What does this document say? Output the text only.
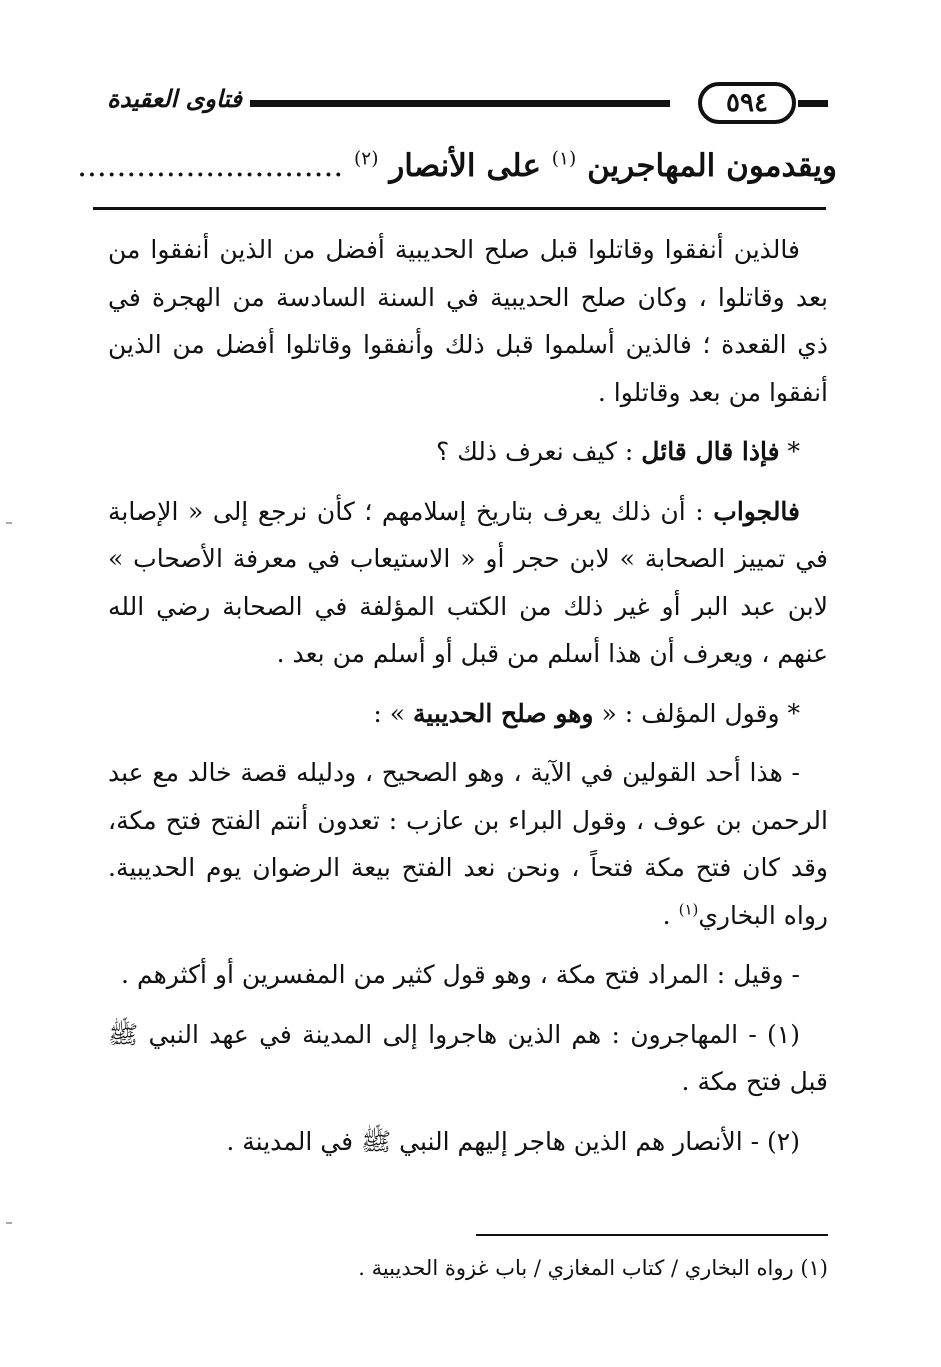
٥٩٤
فتاوى العقيدة
ويقدمون المهاجرين $^{(١)}$ على الأنصار $^{(٢)}$ ...........................

فالذين أنفقوا وقاتلوا قبل صلح الحديبية أفضل من الذين أنفقوا من بعد وقاتلوا ، وكان صلح الحديبية في السنة السادسة من الهجرة في ذي القعدة ؛ فالذين أسلموا قبل ذلك وأنفقوا وقاتلوا أفضل من الذين أنفقوا من بعد وقاتلوا .

* فإذا قال قائل : كيف نعرف ذلك ؟

فالجواب : أن ذلك يعرف بتاريخ إسلامهم ؛ كأن نرجع إلى « الإصابة في تمييز الصحابة » لابن حجر أو « الاستيعاب في معرفة الأصحاب » لابن عبد البر أو غير ذلك من الكتب المؤلفة في الصحابة رضي الله عنهم ، ويعرف أن هذا أسلم من قبل أو أسلم من بعد .

* وقول المؤلف : « وهو صلح الحديبية » :

- هذا أحد القولين في الآية ، وهو الصحيح ، ودليله قصة خالد مع عبد الرحمن بن عوف ، وقول البراء بن عازب : تعدون أنتم الفتح فتح مكة، وقد كان فتح مكة فتحاً ، ونحن نعد الفتح بيعة الرضوان يوم الحديبية. رواه البخاري$^{(١)}$ .

- وقيل : المراد فتح مكة ، وهو قول كثير من المفسرين أو أكثرهم .

(١) - المهاجرون : هم الذين هاجروا إلى المدينة في عهد النبي ﷺ قبل فتح مكة .

(٢) - الأنصار هم الذين هاجر إليهم النبي ﷺ في المدينة .

(١) رواه البخاري / كتاب المغازي / باب غزوة الحديبية .
